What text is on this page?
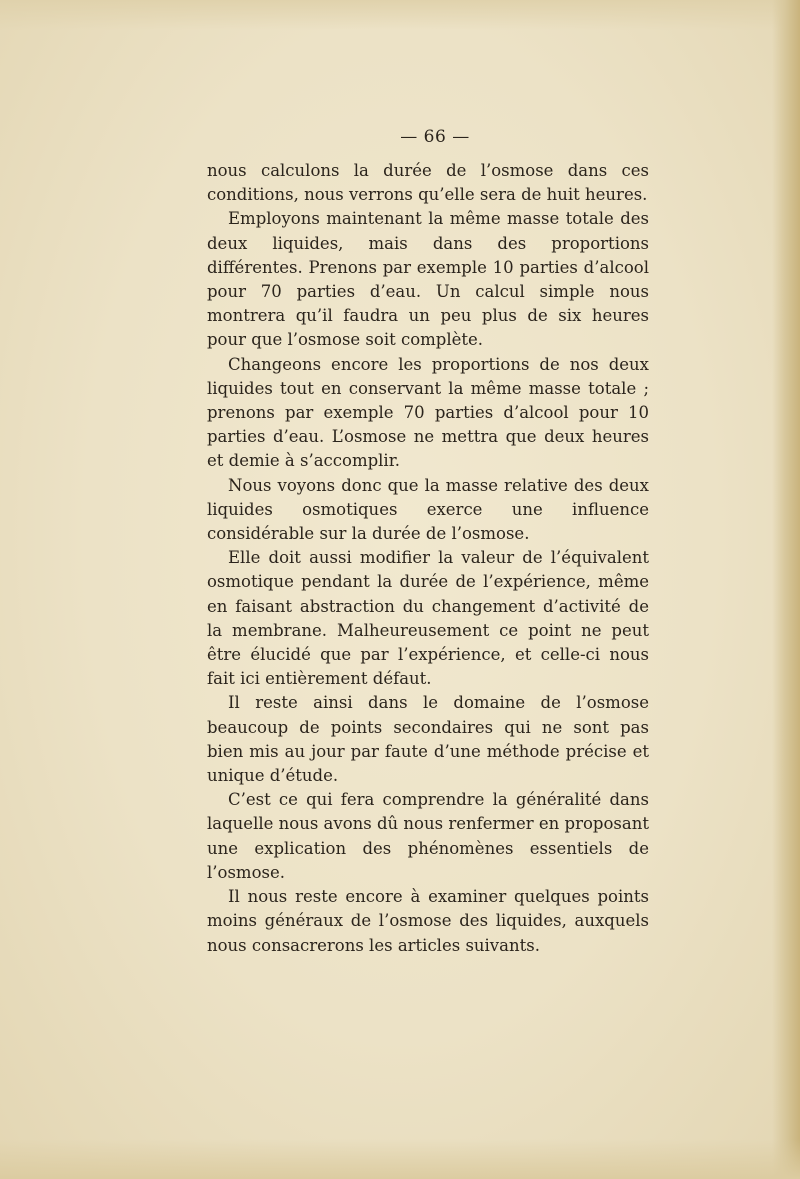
— 66 —

nous calculons la durée de l’osmose dans ces conditions, nous verrons qu’elle sera de huit heures.

Employons maintenant la même masse totale des deux liquides, mais dans des proportions différentes. Prenons par exemple 10 parties d’alcool pour 70 parties d’eau. Un calcul simple nous montrera qu’il faudra un peu plus de six heures pour que l’osmose soit complète.

Changeons encore les proportions de nos deux liquides tout en conservant la même masse totale ; prenons par exemple 70 parties d’alcool pour 10 parties d’eau. L’osmose ne mettra que deux heures et demie à s’accomplir.

Nous voyons donc que la masse relative des deux liquides osmotiques exerce une influence considérable sur la durée de l’osmose.

Elle doit aussi modifier la valeur de l’équivalent osmotique pendant la durée de l’expérience, même en faisant abstraction du changement d’activité de la membrane. Malheureusement ce point ne peut être élucidé que par l’expérience, et celle-ci nous fait ici entièrement défaut.

Il reste ainsi dans le domaine de l’osmose beaucoup de points secondaires qui ne sont pas bien mis au jour par faute d’une méthode précise et unique d’étude.

C’est ce qui fera comprendre la généralité dans laquelle nous avons dû nous renfermer en proposant une explication des phénomènes essentiels de l’osmose.

Il nous reste encore à examiner quelques points moins généraux de l’osmose des liquides, auxquels nous consacrerons les articles suivants.
